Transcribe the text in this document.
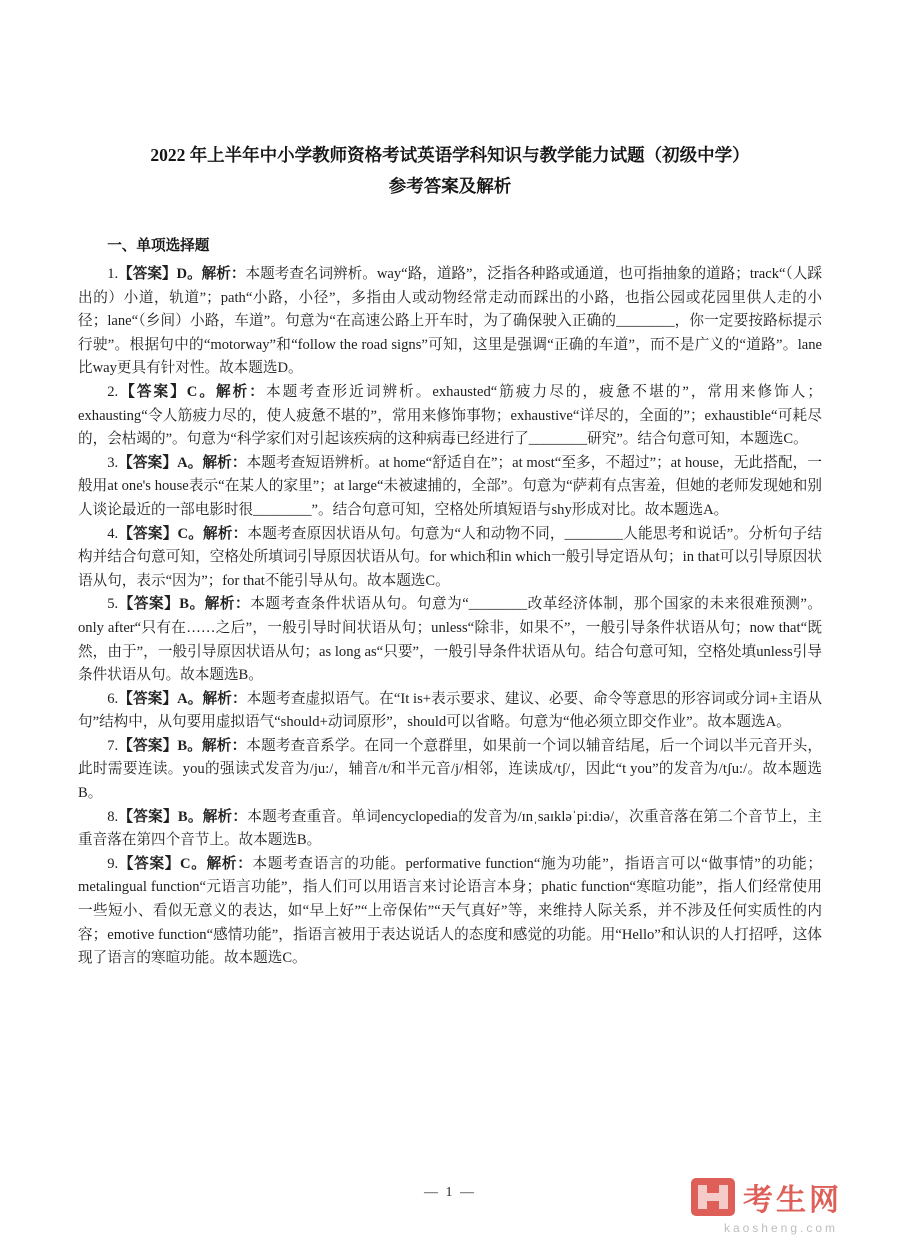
2022 年上半年中小学教师资格考试英语学科知识与教学能力试题（初级中学）
参考答案及解析
一、单项选择题

1.【答案】D。解析：本题考查名词辨析。way“路，道路”，泛指各种路或通道，也可指抽象的道路；track“（人踩出的）小道，轨道”；path“小路，小径”，多指由人或动物经常走动而踩出的小路，也指公园或花园里供人走的小径；lane“（乡间）小路，车道”。句意为“在高速公路上开车时，为了确保驶入正确的________，你一定要按路标提示行驶”。根据句中的“motorway”和“follow the road signs”可知，这里是强调“正确的车道”，而不是广义的“道路”。lane比way更具有针对性。故本题选D。

2.【答案】C。解析：本题考查形近词辨析。exhausted“筋疲力尽的，疲惫不堪的”，常用来修饰人；exhausting“令人筋疲力尽的，使人疲惫不堪的”，常用来修饰事物；exhaustive“详尽的，全面的”；exhaustible“可耗尽的，会枯竭的”。句意为“科学家们对引起该疾病的这种病毒已经进行了________研究”。结合句意可知，本题选C。

3.【答案】A。解析：本题考查短语辨析。at home“舒适自在”；at most“至多，不超过”；at house，无此搭配，一般用at one's house表示“在某人的家里”；at large“未被逮捕的，全部”。句意为“萨莉有点害羞，但她的老师发现她和别人谈论最近的一部电影时很________”。结合句意可知，空格处所填短语与shy形成对比。故本题选A。

4.【答案】C。解析：本题考查原因状语从句。句意为“人和动物不同，________人能思考和说话”。分析句子结构并结合句意可知，空格处所填词引导原因状语从句。for which和in which一般引导定语从句；in that可以引导原因状语从句，表示“因为”；for that不能引导从句。故本题选C。

5.【答案】B。解析：本题考查条件状语从句。句意为“________改革经济体制，那个国家的未来很难预测”。only after“只有在……之后”，一般引导时间状语从句；unless“除非，如果不”，一般引导条件状语从句；now that“既然，由于”，一般引导原因状语从句；as long as“只要”，一般引导条件状语从句。结合句意可知，空格处填unless引导条件状语从句。故本题选B。

6.【答案】A。解析：本题考查虚拟语气。在“It is+表示要求、建议、必要、命令等意思的形容词或分词+主语从句”结构中，从句要用虚拟语气“should+动词原形”，should可以省略。句意为“他必须立即交作业”。故本题选A。

7.【答案】B。解析：本题考查音系学。在同一个意群里，如果前一个词以辅音结尾，后一个词以半元音开头，此时需要连读。you的强读式发音为/ju:/，辅音/t/和半元音/j/相邻，连读成/tʃ/，因此“t you”的发音为/tʃu:/。故本题选B。

8.【答案】B。解析：本题考查重音。单词encyclopedia的发音为/ɪnˌsaɪkləˈpi:diə/，次重音落在第二个音节上，主重音落在第四个音节上。故本题选B。

9.【答案】C。解析：本题考查语言的功能。performative function“施为功能”，指语言可以“做事情”的功能；metalingual function“元语言功能”，指人们可以用语言来讨论语言本身；phatic function“寒暄功能”，指人们经常使用一些短小、看似无意义的表达，如“早上好”“上帝保佑”“天气真好”等，来维持人际关系，并不涉及任何实质性的内容；emotive function“感情功能”，指语言被用于表达说话人的态度和感觉的功能。用“Hello”和认识的人打招呼，这体现了语言的寒暄功能。故本题选C。

— 1 —	考生网
kaosheng.com
